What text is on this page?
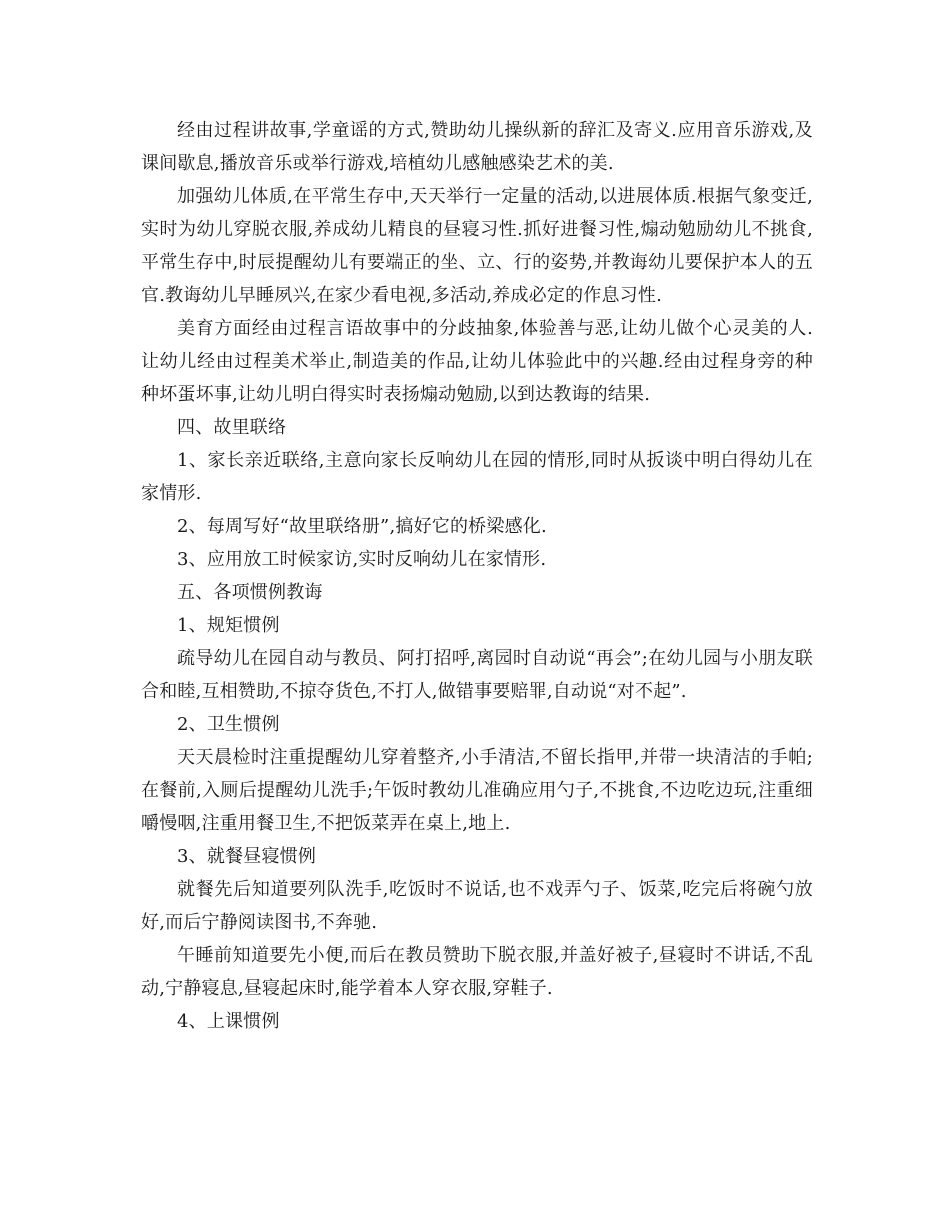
经由过程讲故事,学童谣的方式,赞助幼儿操纵新的辞汇及寄义.应用音乐游戏,及课间歇息,播放音乐或举行游戏,培植幼儿感触感染艺术的美.

加强幼儿体质,在平常生存中,天天举行一定量的活动,以进展体质.根据气象变迁,实时为幼儿穿脱衣服,养成幼儿精良的昼寝习性.抓好进餐习性,煽动勉励幼儿不挑食,平常生存中,时辰提醒幼儿有要端正的坐、立、行的姿势,并教诲幼儿要保护本人的五官.教诲幼儿早睡夙兴,在家少看电视,多活动,养成必定的作息习性.

美育方面经由过程言语故事中的分歧抽象,体验善与恶,让幼儿做个心灵美的人.让幼儿经由过程美术举止,制造美的作品,让幼儿体验此中的兴趣.经由过程身旁的种种坏蛋坏事,让幼儿明白得实时表扬煽动勉励,以到达教诲的结果.

四、故里联络

1、家长亲近联络,主意向家长反响幼儿在园的情形,同时从扳谈中明白得幼儿在家情形.

2、每周写好“故里联络册”,搞好它的桥梁感化.

3、应用放工时候家访,实时反响幼儿在家情形.

五、各项惯例教诲

1、规矩惯例

疏导幼儿在园自动与教员、阿打招呼,离园时自动说“再会”;在幼儿园与小朋友联合和睦,互相赞助,不掠夺货色,不打人,做错事要赔罪,自动说“对不起”.

2、卫生惯例

天天晨检时注重提醒幼儿穿着整齐,小手清洁,不留长指甲,并带一块清洁的手帕;在餐前,入厕后提醒幼儿洗手;午饭时教幼儿准确应用勺子,不挑食,不边吃边玩,注重细嚼慢咽,注重用餐卫生,不把饭菜弄在桌上,地上.

3、就餐昼寝惯例

就餐先后知道要列队洗手,吃饭时不说话,也不戏弄勺子、饭菜,吃完后将碗勺放好,而后宁静阅读图书,不奔驰.

午睡前知道要先小便,而后在教员赞助下脱衣服,并盖好被子,昼寝时不讲话,不乱动,宁静寝息,昼寝起床时,能学着本人穿衣服,穿鞋子.

4、上课惯例
